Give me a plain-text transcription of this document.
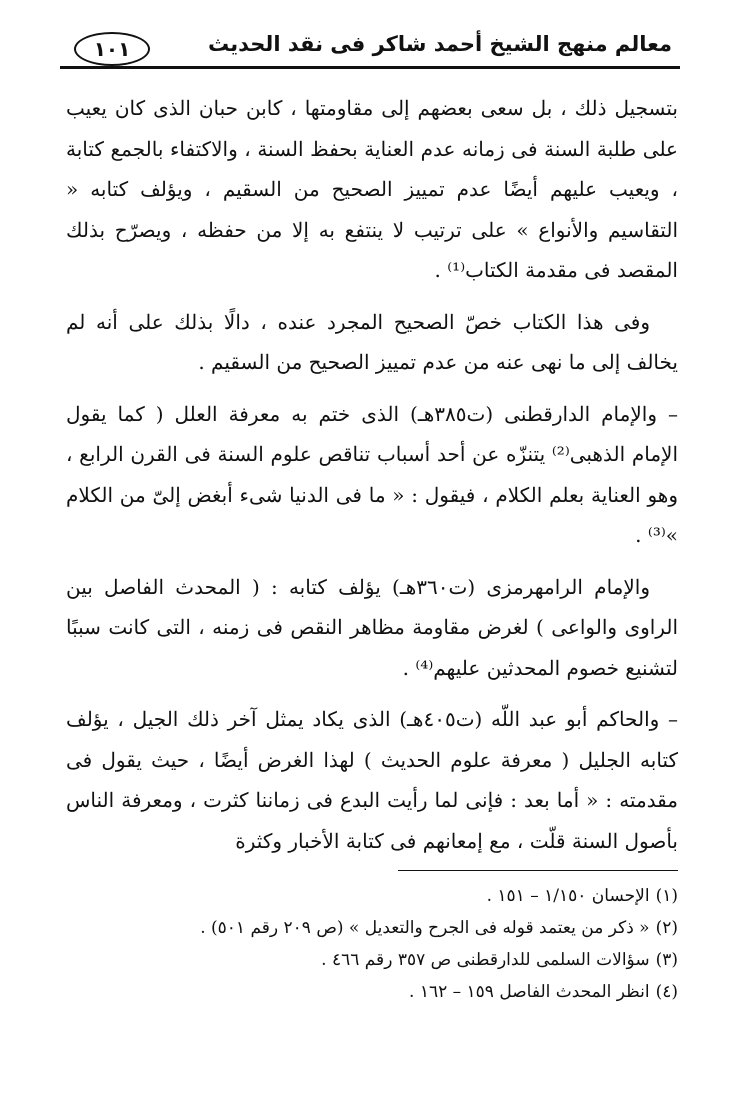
معالم منهج الشيخ أحمد شاكر فى نقد الحديث
١٠١

بتسجيل ذلك ، بل سعى بعضهم إلى مقاومتها ، كابن حبان الذى كان يعيب على طلبة السنة فى زمانه عدم العناية بحفظ السنة ، والاكتفاء بالجمع كتابة ، ويعيب عليهم أيضًا عدم تمييز الصحيح من السقيم ، ويؤلف كتابه « التقاسيم والأنواع » على ترتيب لا ينتفع به إلا من حفظه ، ويصرّح بذلك المقصد فى مقدمة الكتاب⁽¹⁾ .

وفى هذا الكتاب خصّ الصحيح المجرد عنده ، دالًا بذلك على أنه لم يخالف إلى ما نهى عنه من عدم تمييز الصحيح من السقيم .

– والإمام الدارقطنى (ت٣٨٥هـ) الذى ختم به معرفة العلل ( كما يقول الإمام الذهبى⁽²⁾ يتنزّه عن أحد أسباب تناقص علوم السنة فى القرن الرابع ، وهو العناية بعلم الكلام ، فيقول : « ما فى الدنيا شىء أبغض إلىّ من الكلام »⁽³⁾ .

والإمام الرامهرمزى (ت٣٦٠هـ) يؤلف كتابه : ( المحدث الفاصل بين الراوى والواعى ) لغرض مقاومة مظاهر النقص فى زمنه ، التى كانت سببًا لتشنيع خصوم المحدثين عليهم⁽⁴⁾ .

– والحاكم أبو عبد اللّه (ت٤٠٥هـ) الذى يكاد يمثل آخر ذلك الجيل ، يؤلف كتابه الجليل ( معرفة علوم الحديث ) لهذا الغرض أيضًا ، حيث يقول فى مقدمته : « أما بعد : فإنى لما رأيت البدع فى زماننا كثرت ، ومعرفة الناس بأصول السنة قلّت ، مع إمعانهم فى كتابة الأخبار وكثرة

(١)الإحسان ١/١٥٠ – ١٥١ .
(٢)« ذكر من يعتمد قوله فى الجرح والتعديل » (ص ٢٠٩ رقم ٥٠١) .
(٣)سؤالات السلمى للدارقطنى ص ٣٥٧ رقم ٤٦٦ .
(٤)انظر المحدث الفاصل ١٥٩ – ١٦٢ .
